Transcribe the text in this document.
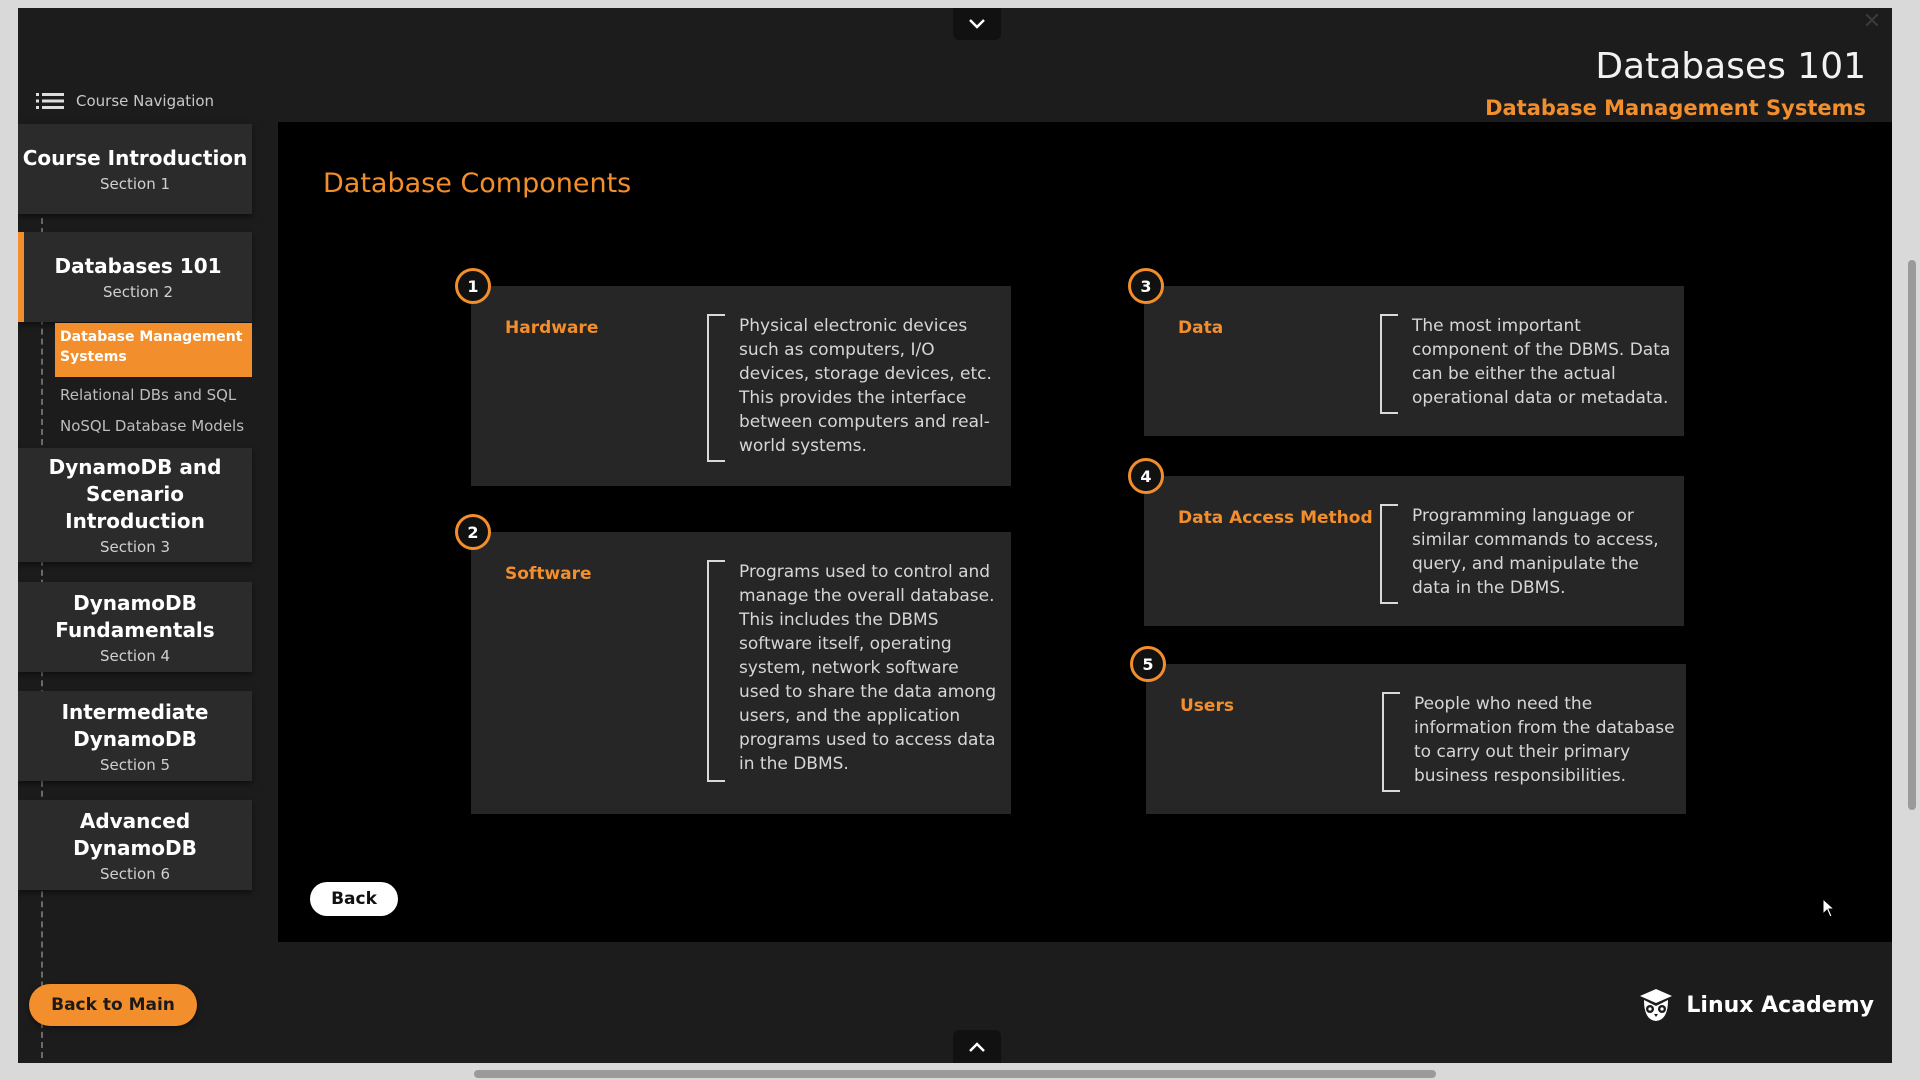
✕
Databases 101
Database Management Systems
Course Navigation
Course Introduction
Section 1
Databases 101
Section 2
Database Management Systems
Relational DBs and SQL
NoSQL Database Models
DynamoDB and Scenario Introduction
Section 3
DynamoDB Fundamentals
Section 4
Intermediate DynamoDB
Section 5
Advanced DynamoDB
Section 6
Back to Main
Database Components
1
Hardware	Physical electronic devices such as computers, I/O devices, storage devices, etc. This provides the interface between computers and real-world systems.
2
Software	Programs used to control and manage the overall database. This includes the DBMS software itself, operating system, network software used to share the data among users, and the application programs used to access data in the DBMS.
3
Data	The most important component of the DBMS. Data can be either the actual operational data or metadata.
4
Data Access Method Programming language or similar commands to access, query, and manipulate the data in the DBMS.
5
Users	People who need the information from the database to carry out their primary business responsibilities.
Back
Linux Academy
